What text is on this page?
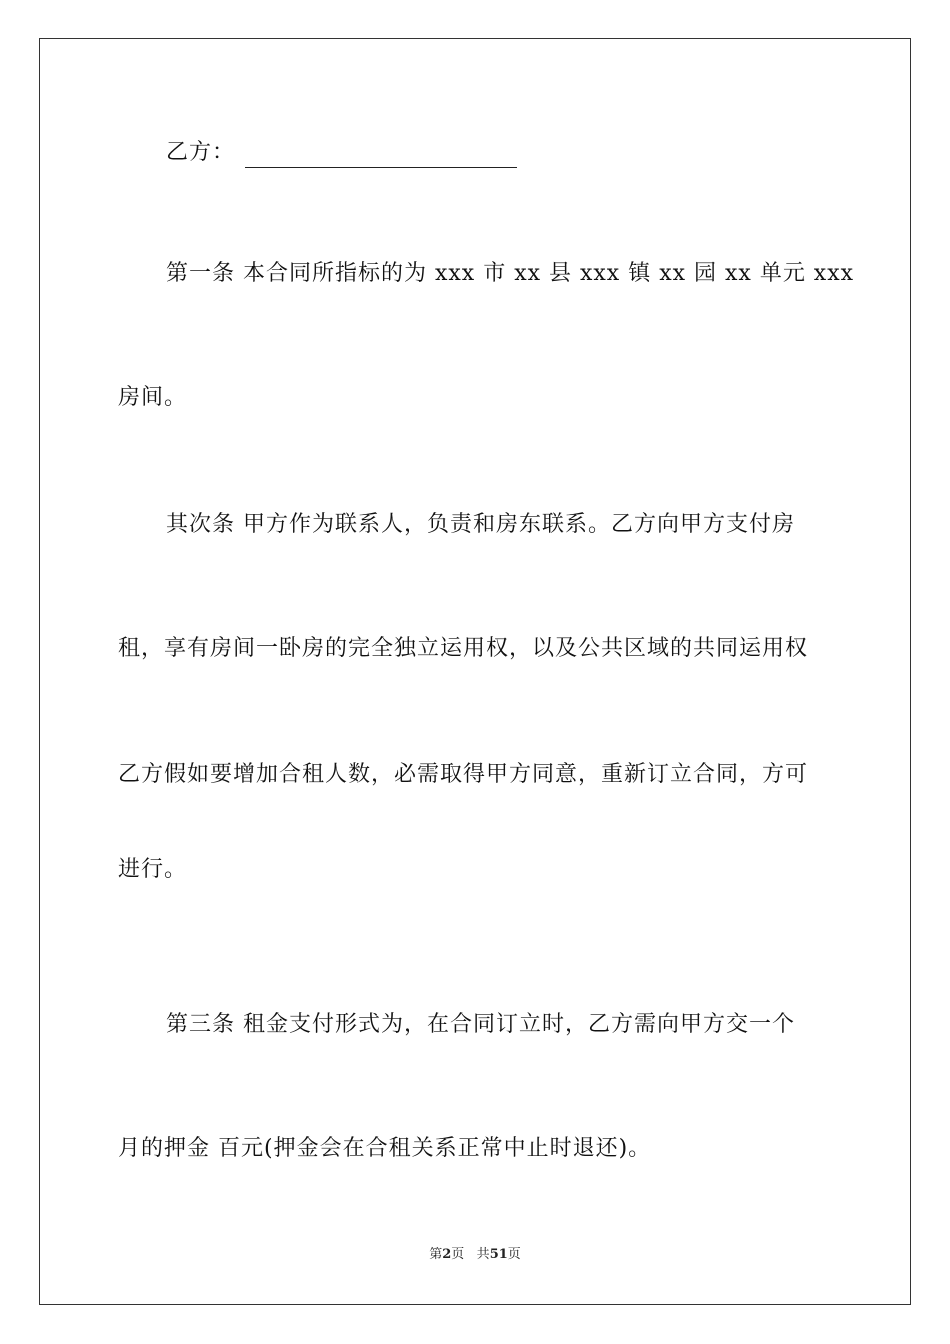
乙方：
第一条 本合同所指标的为 xxx 市 xx 县 xxx 镇 xx 园 xx 单元 xxx
房间。
其次条 甲方作为联系人，负责和房东联系。乙方向甲方支付房
租，享有房间一卧房的完全独立运用权，以及公共区域的共同运用权
乙方假如要增加合租人数，必需取得甲方同意，重新订立合同，方可
进行。
第三条 租金支付形式为，在合同订立时，乙方需向甲方交一个
月的押金 百元(押金会在合租关系正常中止时退还)。
第2页 共51页
